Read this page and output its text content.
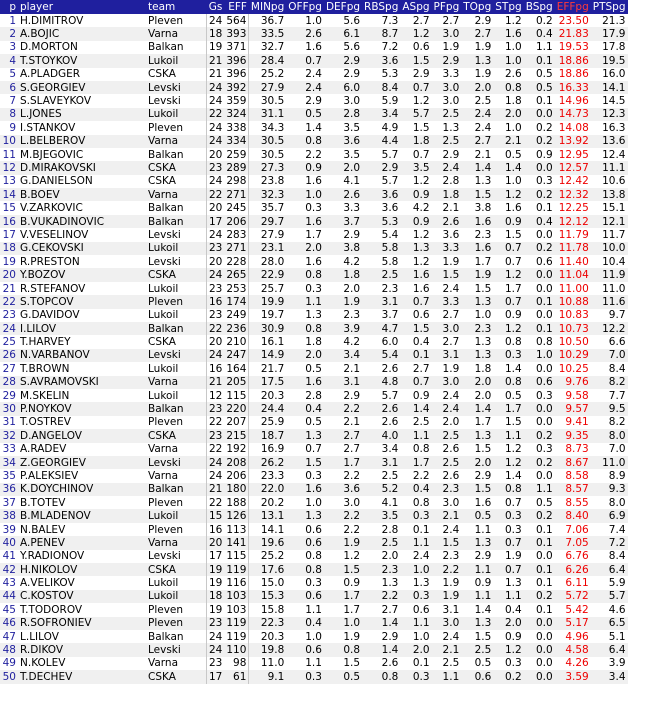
p	player	team	Gs	EFF	MINpg	OFFpg	DEFpg	RBSpg	ASpg	PFpg	TOpg	STpg	BSpg	EFFpg	PTSpg
1	H.DIMITROV	Pleven	24	564	36.7	1.0	5.6	7.3	2.7	2.7	2.9	1.2	0.2	23.50	21.3
2	A.BOJIC	Varna	18	393	33.5	2.6	6.1	8.7	1.2	3.0	2.7	1.6	0.4	21.83	17.9
3	D.MORTON	Balkan	19	371	32.7	1.6	5.6	7.2	0.6	1.9	1.9	1.0	1.1	19.53	17.8
4	T.STOYKOV	Lukoil	21	396	28.4	0.7	2.9	3.6	1.5	2.9	1.3	1.0	0.1	18.86	19.5
5	A.PLADGER	CSKA	21	396	25.2	2.4	2.9	5.3	2.9	3.3	1.9	2.6	0.5	18.86	16.0
6	S.GEORGIEV	Levski	24	392	27.9	2.4	6.0	8.4	0.7	3.0	2.0	0.8	0.5	16.33	14.1
7	S.SLAVEYKOV	Levski	24	359	30.5	2.9	3.0	5.9	1.2	3.0	2.5	1.8	0.1	14.96	14.5
8	L.JONES	Lukoil	22	324	31.1	0.5	2.8	3.4	5.7	2.5	2.4	2.0	0.0	14.73	12.3
9	I.STANKOV	Pleven	24	338	34.3	1.4	3.5	4.9	1.5	1.3	2.4	1.0	0.2	14.08	16.3
10	L.BELBEROV	Varna	24	334	30.5	0.8	3.6	4.4	1.8	2.5	2.7	2.1	0.2	13.92	13.6
11	M.BJEGOVIC	Balkan	20	259	30.5	2.2	3.5	5.7	0.7	2.9	2.1	0.5	0.9	12.95	12.4
12	D.MIRAKOVSKI	CSKA	23	289	27.3	0.9	2.0	2.9	3.5	2.4	1.4	1.4	0.0	12.57	11.1
13	G.DANIELSON	CSKA	24	298	23.8	1.6	4.1	5.7	1.2	2.8	1.3	1.0	0.3	12.42	10.6
14	B.BOEV	Varna	22	271	32.3	1.0	2.6	3.6	0.9	1.8	1.5	1.2	0.2	12.32	13.8
15	V.ZARKOVIC	Balkan	20	245	35.7	0.3	3.3	3.6	4.2	2.1	3.8	1.6	0.1	12.25	15.1
16	B.VUKADINOVIC	Balkan	17	206	29.7	1.6	3.7	5.3	0.9	2.6	1.6	0.9	0.4	12.12	12.1
17	V.VESELINOV	Levski	24	283	27.9	1.7	2.9	5.4	1.2	3.6	2.3	1.5	0.0	11.79	11.7
18	G.CEKOVSKI	Lukoil	23	271	23.1	2.0	3.8	5.8	1.3	3.3	1.6	0.7	0.2	11.78	10.0
19	R.PRESTON	Levski	20	228	28.0	1.6	4.2	5.8	1.2	1.9	1.7	0.7	0.6	11.40	10.4
20	Y.BOZOV	CSKA	24	265	22.9	0.8	1.8	2.5	1.6	1.5	1.9	1.2	0.0	11.04	11.9
21	R.STEFANOV	Lukoil	23	253	25.7	0.3	2.0	2.3	1.6	2.4	1.5	1.7	0.0	11.00	11.0
22	S.TOPCOV	Pleven	16	174	19.9	1.1	1.9	3.1	0.7	3.3	1.3	0.7	0.1	10.88	11.6
23	G.DAVIDOV	Lukoil	23	249	19.7	1.3	2.3	3.7	0.6	2.7	1.0	0.9	0.0	10.83	9.7
24	I.LILOV	Balkan	22	236	30.9	0.8	3.9	4.7	1.5	3.0	2.3	1.2	0.1	10.73	12.2
25	T.HARVEY	CSKA	20	210	16.1	1.8	4.2	6.0	0.4	2.7	1.3	0.8	0.8	10.50	6.6
26	N.VARBANOV	Levski	24	247	14.9	2.0	3.4	5.4	0.1	3.1	1.3	0.3	1.0	10.29	7.0
27	T.BROWN	Lukoil	16	164	21.7	0.5	2.1	2.6	2.7	1.9	1.8	1.4	0.0	10.25	8.4
28	S.AVRAMOVSKI	Varna	21	205	17.5	1.6	3.1	4.8	0.7	3.0	2.0	0.8	0.6	9.76	8.2
29	M.SKELIN	Lukoil	12	115	20.3	2.8	2.9	5.7	0.9	2.4	2.0	0.5	0.3	9.58	7.7
30	P.NOYKOV	Balkan	23	220	24.4	0.4	2.2	2.6	1.4	2.4	1.4	1.7	0.0	9.57	9.5
31	T.OSTREV	Pleven	22	207	25.9	0.5	2.1	2.6	2.5	2.0	1.7	1.5	0.0	9.41	8.2
32	D.ANGELOV	CSKA	23	215	18.7	1.3	2.7	4.0	1.1	2.5	1.3	1.1	0.2	9.35	8.0
33	A.RADEV	Varna	22	192	16.9	0.7	2.7	3.4	0.8	2.6	1.5	1.2	0.3	8.73	7.0
34	Z.GEORGIEV	Levski	24	208	26.2	1.5	1.7	3.1	1.7	2.5	2.0	1.2	0.2	8.67	11.0
35	P.ALEKSIEV	Varna	24	206	23.3	0.3	2.2	2.5	2.2	2.6	2.9	1.4	0.0	8.58	8.9
36	K.DOYCHINOV	Balkan	21	180	22.0	1.6	3.6	5.2	0.4	2.3	1.5	0.8	1.1	8.57	9.3
37	B.TOTEV	Pleven	22	188	20.2	1.0	3.0	4.1	0.8	3.0	1.6	0.7	0.5	8.55	8.0
38	B.MLADENOV	Lukoil	15	126	13.1	1.3	2.2	3.5	0.3	2.1	0.5	0.3	0.2	8.40	6.9
39	N.BALEV	Pleven	16	113	14.1	0.6	2.2	2.8	0.1	2.4	1.1	0.3	0.1	7.06	7.4
40	A.PENEV	Varna	20	141	19.6	0.6	1.9	2.5	1.1	1.5	1.3	0.7	0.1	7.05	7.2
41	Y.RADIONOV	Levski	17	115	25.2	0.8	1.2	2.0	2.4	2.3	2.9	1.9	0.0	6.76	8.4
42	H.NIKOLOV	CSKA	19	119	17.6	0.8	1.5	2.3	1.0	2.2	1.1	0.7	0.1	6.26	6.4
43	A.VELIKOV	Lukoil	19	116	15.0	0.3	0.9	1.3	1.3	1.9	0.9	1.3	0.1	6.11	5.9
44	C.KOSTOV	Lukoil	18	103	15.3	0.6	1.7	2.2	0.3	1.9	1.1	1.1	0.2	5.72	5.7
45	T.TODOROV	Pleven	19	103	15.8	1.1	1.7	2.7	0.6	3.1	1.4	0.4	0.1	5.42	4.6
46	R.SOFRONIEV	Pleven	23	119	22.3	0.4	1.0	1.4	1.1	3.0	1.3	2.0	0.0	5.17	6.5
47	L.LILOV	Balkan	24	119	20.3	1.0	1.9	2.9	1.0	2.4	1.5	0.9	0.0	4.96	5.1
48	R.DIKOV	Levski	24	110	19.8	0.6	0.8	1.4	2.0	2.1	2.5	1.2	0.0	4.58	6.4
49	N.KOLEV	Varna	23	98	11.0	1.1	1.5	2.6	0.1	2.5	0.5	0.3	0.0	4.26	3.9
50	T.DECHEV	CSKA	17	61	9.1	0.3	0.5	0.8	0.3	1.1	0.6	0.2	0.0	3.59	3.4
